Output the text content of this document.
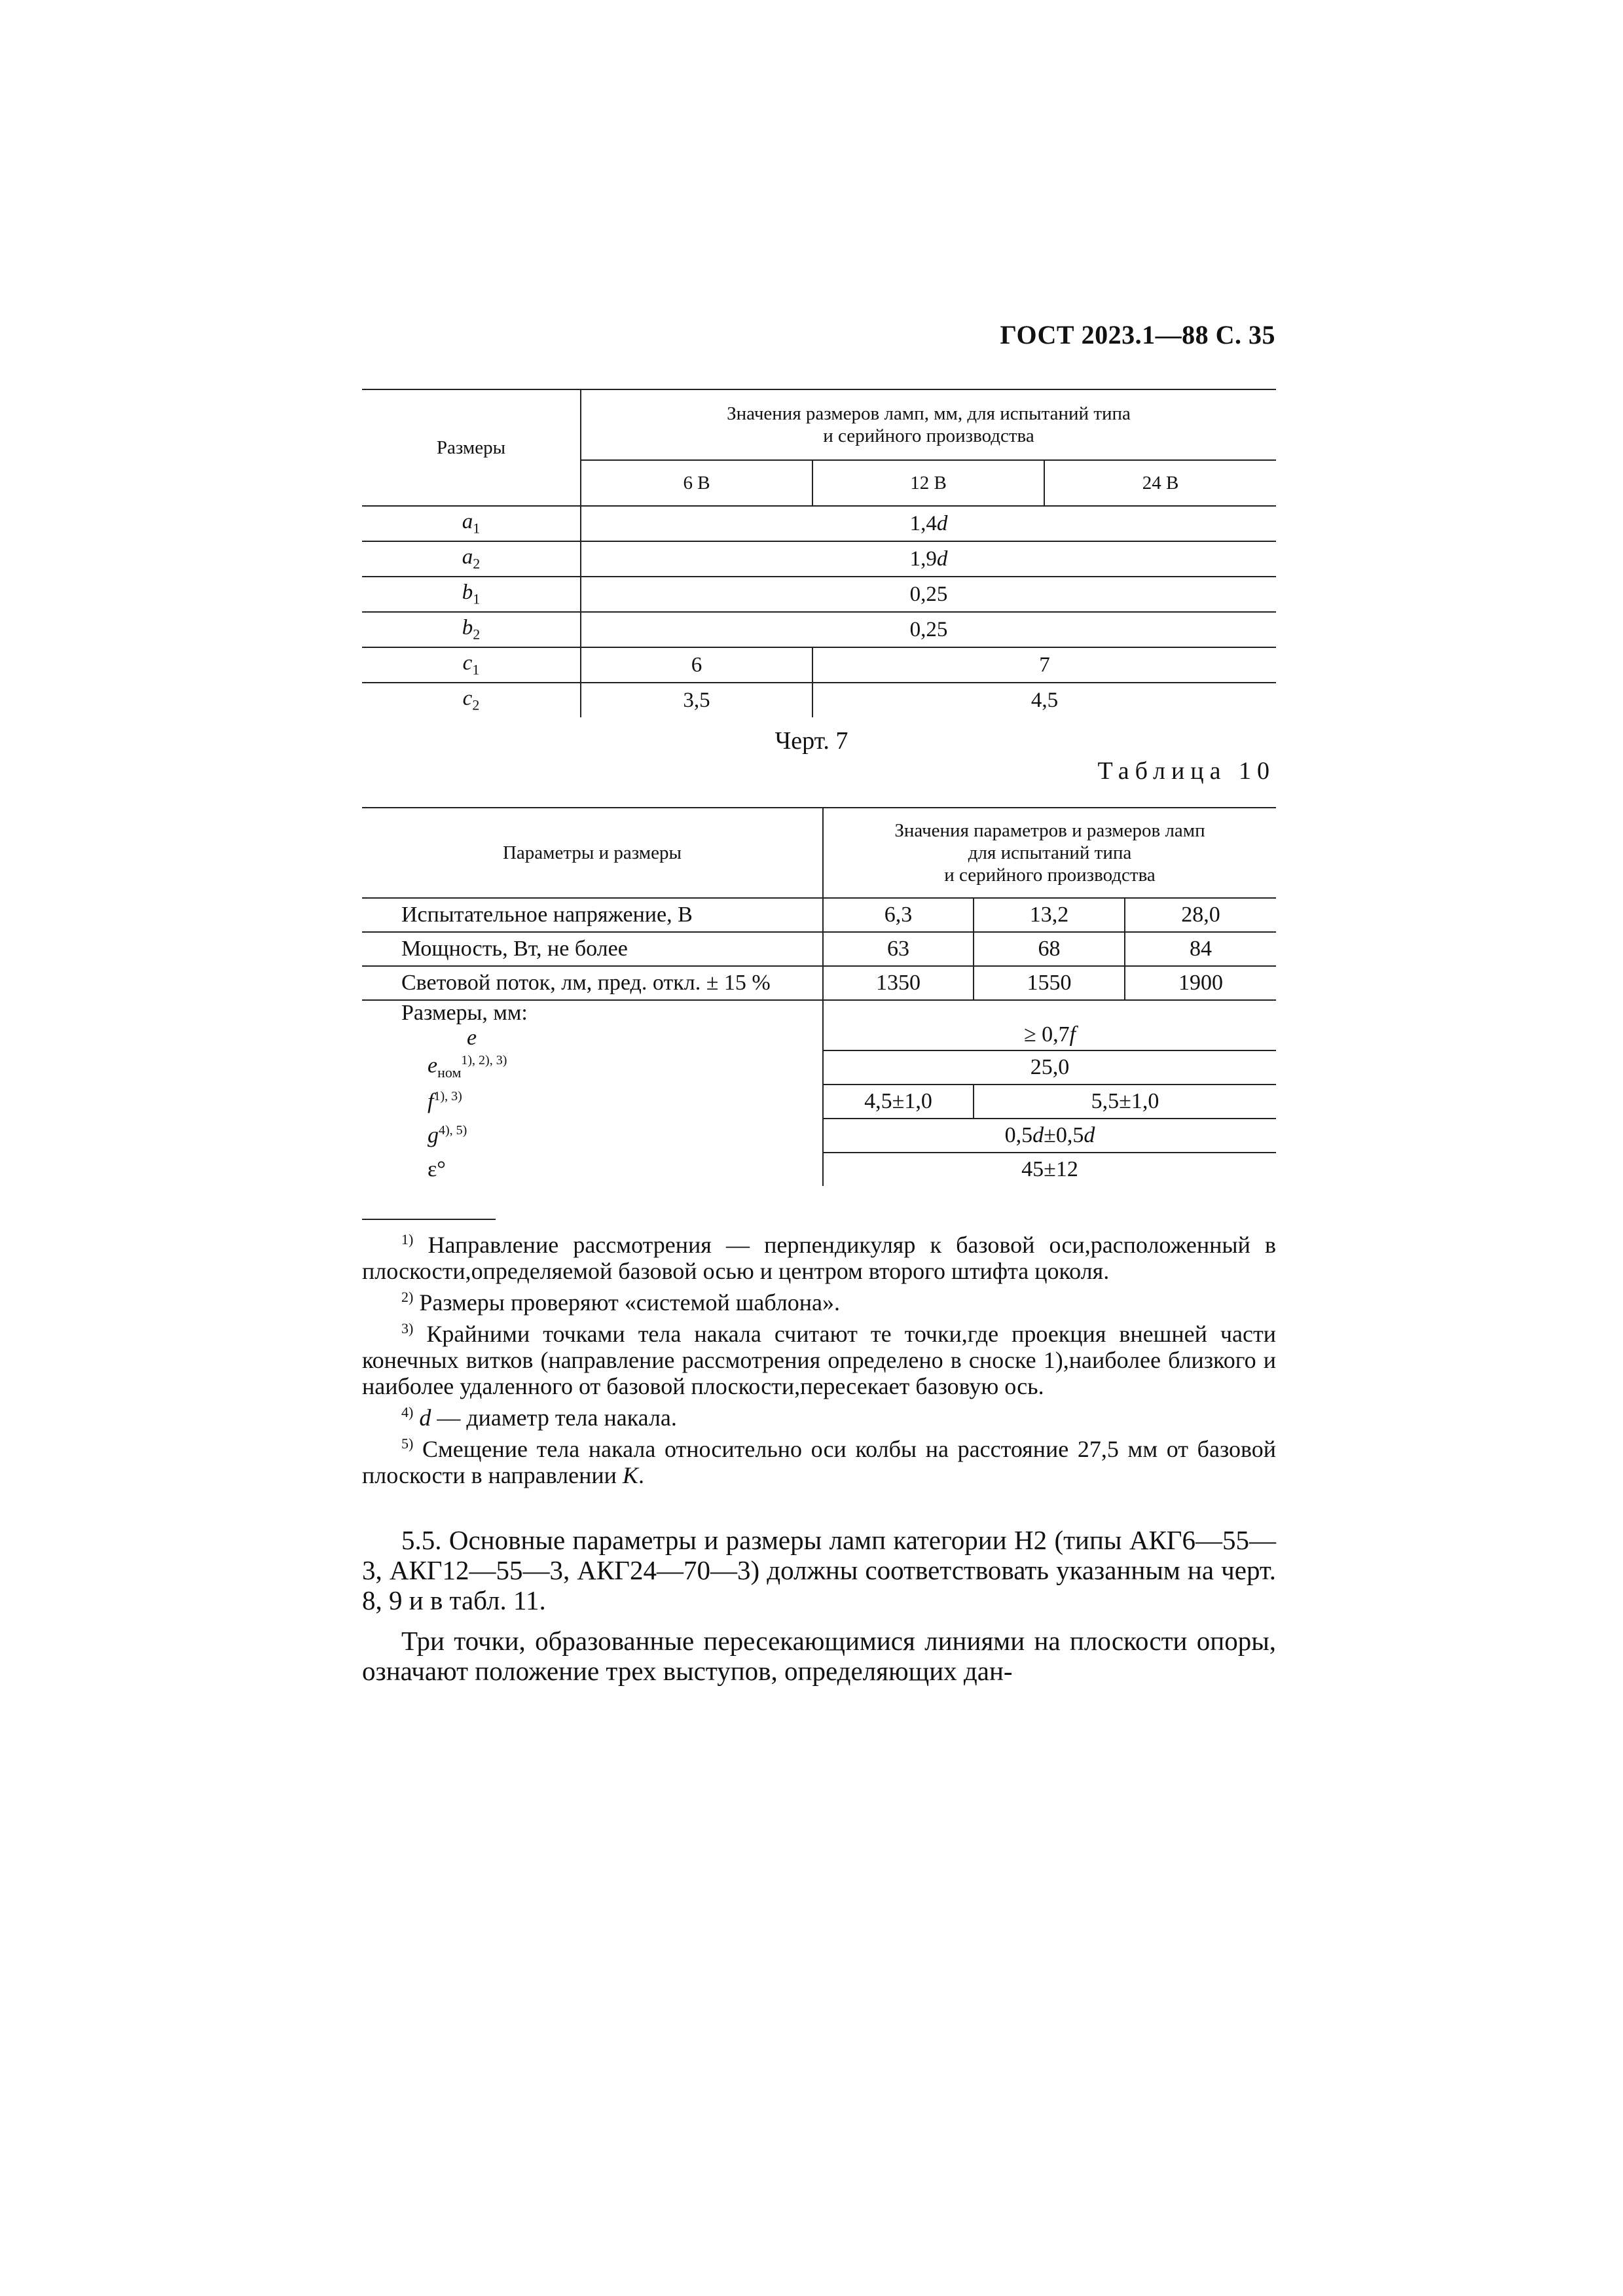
ГОСТ 2023.1—88 С. 35
Размеры	Значения размеров ламп, мм, для испытаний типа
и серийного производства		

	6 В	12 В	24 В
$a_1$	1,4d		
$a_2$	1,9d		
$b_1$	0,25		
$b_2$	0,25		
$c_1$	6	7	
$c_2$	3,5	4,5	
Черт. 7
Таблица 10
Параметры и размеры	Значения параметров и размеров ламп
для испытаний типа
и серийного производства		

Испытательное напряжение, В	6,3	13,2	28,0
Мощность, Вт, не более	63	68	84
Световой поток, лм, пред. откл. ± 15 %	1350	1550	1900

Размеры, мм:
e	≥ 0,7f		
$e_{ном}^{1), 2), 3)}$	25,0		
$f^{1), 3)}$	4,5±1,0	5,5±1,0	
$g^{4), 5)}$	0,5d±0,5d		
ε°	45±12		

$^{1)}$ Направление рассмотрения — перпендикуляр к базовой оси,расположенный в плоскости,определяемой базовой осью и центром второго штифта цоколя.

$^{2)}$ Размеры проверяют «системой шаблона».

$^{3)}$ Крайними точками тела накала считают те точки,где проекция внешней части конечных витков (направление рассмотрения определено в сноске 1),наиболее близкого и наиболее удаленного от базовой плоскости,пересекает базовую ось.

$^{4)}$ d — диаметр тела накала.

$^{5)}$ Смещение тела накала относительно оси колбы на расстояние 27,5 мм от базовой плоскости в направлении K.

5.5. Основные параметры и размеры ламп категории Н2 (типы АКГ6—55—3, АКГ12—55—3, АКГ24—70—3) должны соответствовать указанным на черт. 8, 9 и в табл. 11.

Три точки, образованные пересекающимися линиями на плоскости опоры, означают положение трех выступов, определяющих дан-
